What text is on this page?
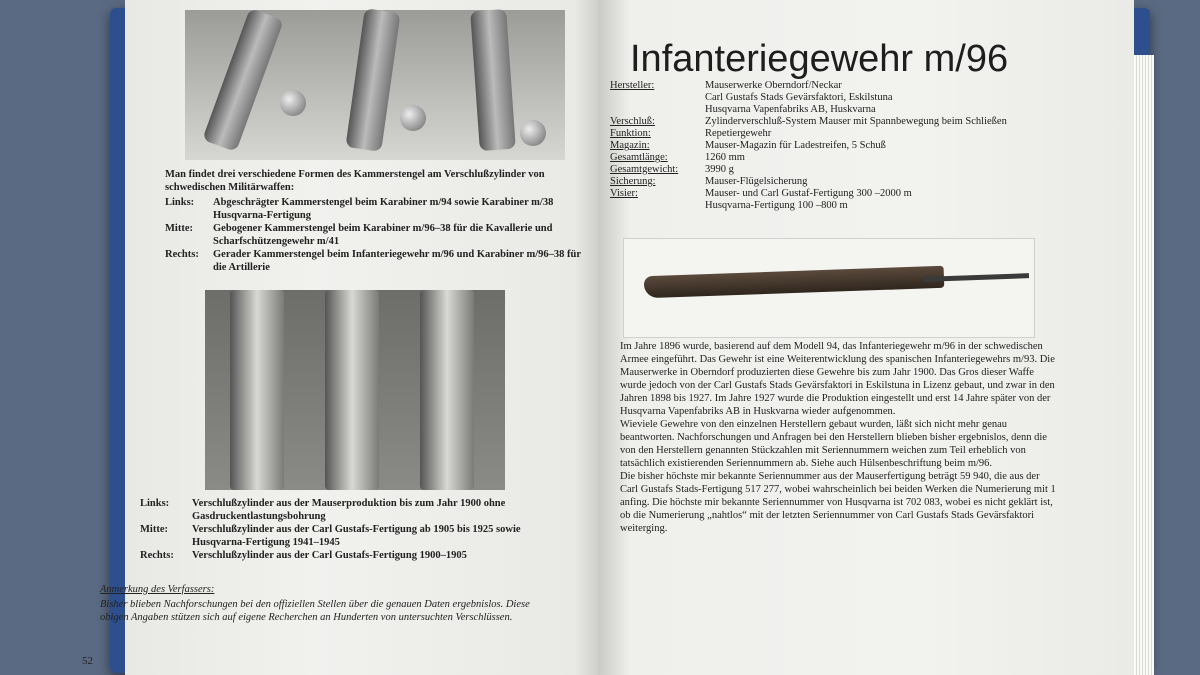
Man findet drei verschiedene Formen des Kammerstengel am Verschlußzylinder von schwedischen Militärwaffen:
Links:	Abgeschrägter Kammerstengel beim Karabiner m/94 sowie Karabiner m/38 Husqvarna-Fertigung
Mitte:	Gebogener Kammerstengel beim Karabiner m/96–38 für die Kavallerie und Scharfschützengewehr m/41
Rechts:	Gerader Kammerstengel beim Infanteriegewehr m/96 und Karabiner m/96–38 für die Artillerie
Links:	Verschlußzylinder aus der Mauserproduktion bis zum Jahr 1900 ohne Gasdruckentlastungsbohrung
Mitte:	Verschlußzylinder aus der Carl Gustafs-Fertigung ab 1905 bis 1925 sowie Husqvarna-Fertigung 1941–1945
Rechts:	Verschlußzylinder aus der Carl Gustafs-Fertigung 1900–1905
Anmerkung des Verfassers:
Bisher blieben Nachforschungen bei den offiziellen Stellen über die genauen Daten ergebnislos. Diese obigen Angaben stützen sich auf eigene Recherchen an Hunderten von untersuchten Verschlüssen.
52
Infanteriegewehr m/96
Hersteller:	Mauserwerke Oberndorf/Neckar
Carl Gustafs Stads Gevärsfaktori, Eskilstuna
Husqvarna Vapenfabriks AB, Huskvarna
Verschluß:	Zylinderverschluß-System Mauser mit Spannbewegung beim Schließen
Funktion:	Repetiergewehr
Magazin:	Mauser-Magazin für Ladestreifen, 5 Schuß
Gesamtlänge:	1260 mm
Gesamtgewicht:	3990 g
Sicherung:	Mauser-Flügelsicherung
Visier:	Mauser- und Carl Gustaf-Fertigung 300 –2000 m
Husqvarna-Fertigung 100 –800 m
Im Jahre 1896 wurde, basierend auf dem Modell 94, das Infanteriegewehr m/96 in der schwedischen Armee eingeführt. Das Gewehr ist eine Weiterentwicklung des spanischen Infanteriegewehrs m/93. Die Mauserwerke in Oberndorf produzierten diese Gewehre bis zum Jahr 1900. Das Gros dieser Waffe wurde jedoch von der Carl Gustafs Stads Gevärsfaktori in Eskilstuna in Lizenz gebaut, und zwar in den Jahren 1898 bis 1927. Im Jahre 1927 wurde die Produktion eingestellt und erst 14 Jahre später von der Husqvarna Vapenfabriks AB in Huskvarna wieder aufgenommen.
Wieviele Gewehre von den einzelnen Herstellern gebaut wurden, läßt sich nicht mehr genau beantworten. Nachforschungen und Anfragen bei den Herstellern blieben bisher ergebnislos, denn die von den Herstellern genannten Stückzahlen mit Seriennummern weichen zum Teil erheblich von tatsächlich existierenden Seriennummern ab. Siehe auch Hülsenbeschriftung beim m/96.
Die bisher höchste mir bekannte Seriennummer aus der Mauserfertigung beträgt 59 940, die aus der Carl Gustafs Stads-Fertigung 517 277, wobei wahrscheinlich bei beiden Werken die Numerierung mit 1 anfing. Die höchste mir bekannte Seriennummer von Husqvarna ist 702 083, wobei es nicht geklärt ist, ob die Numerierung „nahtlos“ mit der letzten Seriennummer von Carl Gustafs Stads Gevärsfaktori weiterging.
